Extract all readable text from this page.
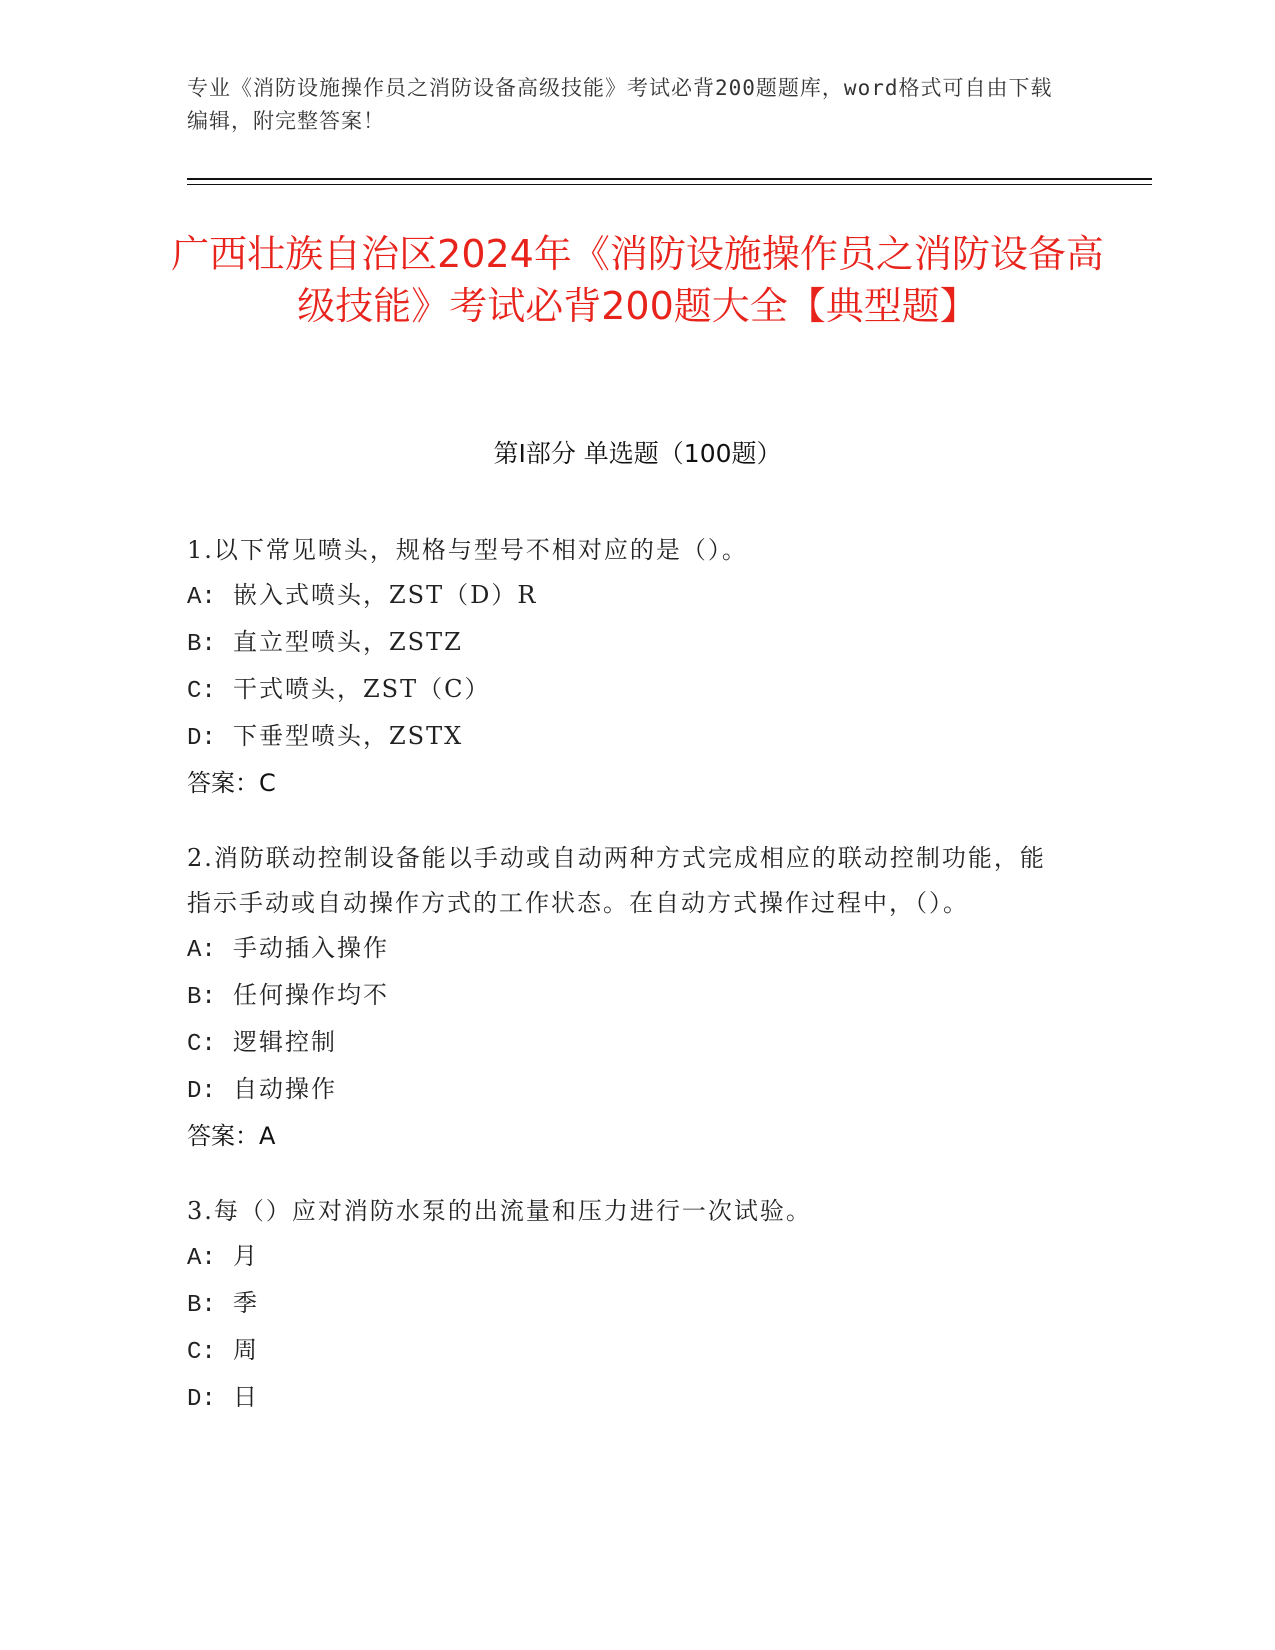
专业《消防设施操作员之消防设备高级技能》考试必背200题题库，word格式可自由下载编辑，附完整答案！
广西壮族自治区2024年《消防设施操作员之消防设备高级技能》考试必背200题大全【典型题】
第Ⅰ部分 单选题（100题）
1.以下常见喷头，规格与型号不相对应的是（）。
A: 嵌入式喷头，ZST（D）R
B: 直立型喷头，ZSTZ
C: 干式喷头，ZST（C）
D: 下垂型喷头，ZSTX
答案：C
2.消防联动控制设备能以手动或自动两种方式完成相应的联动控制功能，能指示手动或自动操作方式的工作状态。在自动方式操作过程中，（）。
A: 手动插入操作
B: 任何操作均不
C: 逻辑控制
D: 自动操作
答案：A
3.每（）应对消防水泵的出流量和压力进行一次试验。
A: 月
B: 季
C: 周
D: 日
